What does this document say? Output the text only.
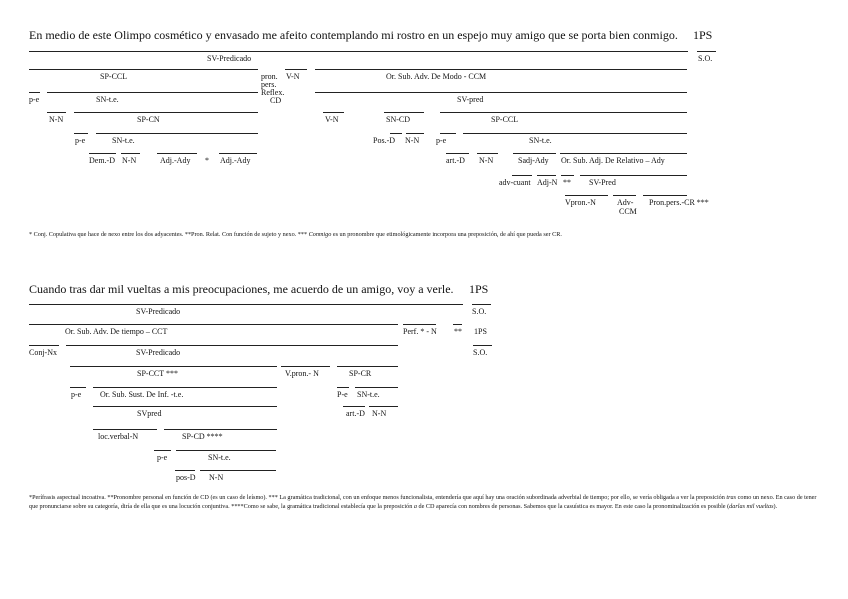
En medio de este Olimpo cosmético y envasado me afeito contemplando mi rostro en un espejo muy amigo que se porta bien conmigo. 1PS
SV-Predicado	S.O.
SP-CCL	pron.
pers.
Reflex.
CD
V-N	Or. Sub. Adv. De Modo - CCM
p-e	SN-t.e.	SV-pred
N-N	SP-CN	V-N	SN-CD	SP-CCL
p-e	SN-t.e.	Pos.-D N-N p-e	SN-t.e.
Dem.-D N-N	Adj.-Ady * Adj.-Ady	art.-D N-N	Sadj-Ady Or. Sub. Adj. De Relativo – Ady
adv-cuant Adj-N ** SV-Pred
Vpron.-N	Adv-
CCM
Pron.pers.-CR ***
* Conj. Copulativa que hace de nexo entre los dos adyacentes. **Pron. Relat. Con función de sujeto y nexo. *** Conmigo es un pronombre que etimológicamente incorpora una preposición, de ahí que pueda ser CR.
Cuando tras dar mil vueltas a mis preocupaciones, me acuerdo de un amigo, voy a verle. 1PS
SV-Predicado	S.O.
Or. Sub. Adv. De tiempo – CCT	Perf. * - N ** 1PS
Conj-Nx	SV-Predicado	S.O.
SP-CCT ***	V.pron.- N	SP-CR
p-e Or. Sub. Sust. De Inf. -t.e.	P-e SN-t.e.
SVpred	art.-D N-N
loc.verbal-N	SP-CD ****
p-e	SN-t.e.
pos-D N-N
*Perífrasis aspectual incoativa. **Pronombre personal en función de CD (es un caso de leísmo). *** La gramática tradicional, con un enfoque menos funcionalista, entendería que aquí hay una oración subordinada adverbial de tiempo; por ello, se vería obligada a ver la preposición tras como un nexo. En caso de tener que pronunciarse sobre su categoría, diría de ella que es una locución conjuntiva. ****Como se sabe, la gramática tradicional establecía que la preposición a de CD aparecía con nombres de personas. Sabemos que la casuística es mayor. En este caso la pronominalización es posible (darlas mil vueltas).
